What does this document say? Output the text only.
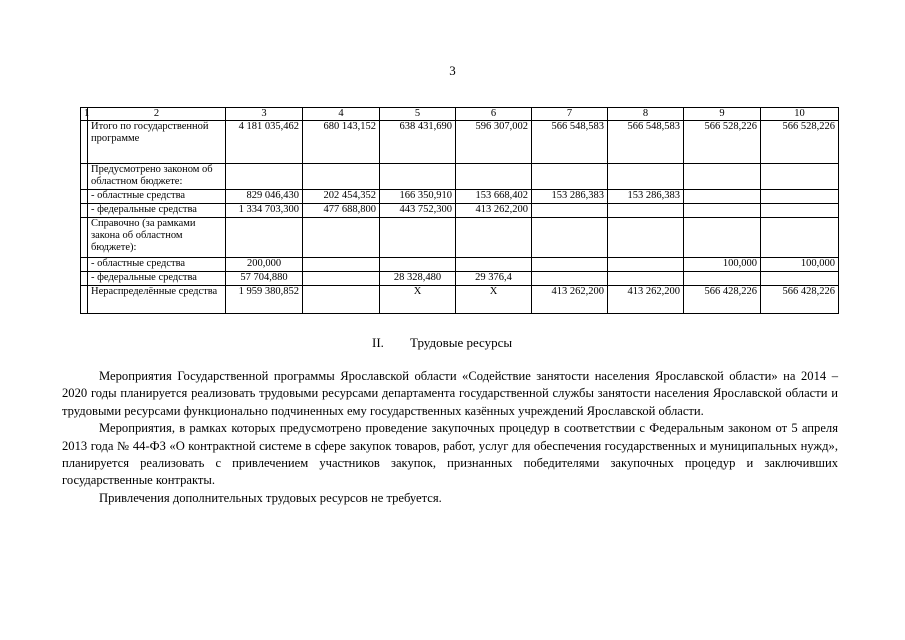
3
1	2	3	4	5	6	7	8	9	10
	Итого по государственной программе	4 181 035,462	680 143,152	638 431,690	596 307,002	566 548,583	566 548,583	566 528,226	566 528,226
	Предусмотрено законом об областном бюджете:								
	- областные средства	829 046,430	202 454,352	166 350,910	153 668,402	153 286,383	153 286,383		
	- федеральные средства	1 334 703,300	477 688,800	443 752,300	413 262,200				
	Справочно (за рамками закона об областном бюджете):								
	- областные средства	200,000						100,000	100,000
	- федеральные средства	57 704,880		28 328,480	29 376,4				
	Нераспределённые средства	1 959 380,852		Х	Х	413 262,200	413 262,200	566 428,226	566 428,226
II. Трудовые ресурсы

Мероприятия Государственной программы Ярославской области «Содействие занятости населения Ярославской области» на 2014 – 2020 годы планируется реализовать трудовыми ресурсами департамента государственной службы занятости населения Ярославской области и трудовыми ресурсами функционально подчиненных ему государственных казённых учреждений Ярославской области.

Мероприятия, в рамках которых предусмотрено проведение закупочных процедур в соответствии с Федеральным законом от 5 апреля 2013 года № 44-ФЗ «О контрактной системе в сфере закупок товаров, работ, услуг для обеспечения государственных и муниципальных нужд», планируется реализовать с привлечением участников закупок, признанных победителями закупочных процедур и заключивших государственные контракты.

Привлечения дополнительных трудовых ресурсов не требуется.
